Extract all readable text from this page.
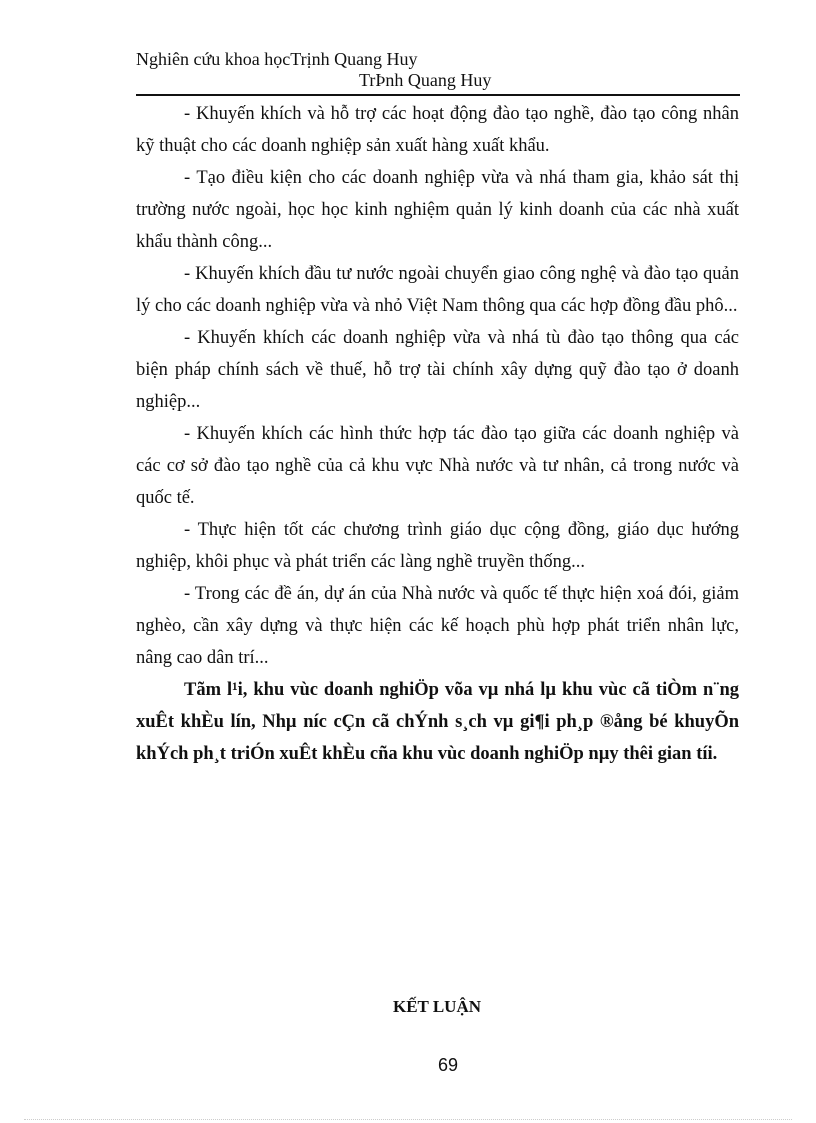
Nghiên cứu khoa họcTrịnh Quang Huy
TrÞnh Quang Huy

- Khuyến khích và hỗ trợ các hoạt động đào tạo nghề, đào tạo công nhân kỹ thuật cho các doanh nghiệp sản xuất hàng xuất khẩu.

- Tạo điều kiện cho các doanh nghiệp vừa và nhá tham gia, khảo sát thị trường nước ngoài, học học kinh nghiệm quản lý kinh doanh của các nhà xuất khẩu thành công...

- Khuyến khích đầu tư nước ngoài chuyển giao công nghệ và đào tạo quản lý cho các doanh nghiệp vừa và nhỏ Việt Nam thông qua các hợp đồng đầu phô...

- Khuyến khích các doanh nghiệp vừa và nhá tù đào tạo thông qua các biện pháp chính sách về thuế, hỗ trợ tài chính xây dựng quỹ đào tạo ở doanh nghiệp...

- Khuyến khích các hình thức hợp tác đào tạo giữa các doanh nghiệp và các cơ sở đào tạo nghề của cả khu vực Nhà nước và tư nhân, cả trong nước và quốc tế.

- Thực hiện tốt các chương trình giáo dục cộng đồng, giáo dục hướng nghiệp, khôi phục và phát triển các làng nghề truyền thống...

- Trong các đề án, dự án của Nhà nước và quốc tế thực hiện xoá đói, giảm nghèo, cần xây dựng và thực hiện các kế hoạch phù hợp phát triển nhân lực, nâng cao dân trí...

Tãm l¹i, khu vùc doanh nghiÖp võa vµ nhá lµ khu vùc cã tiÒm n¨ng xuÊt khÈu lín, Nhµ níc cÇn cã chÝnh s¸ch vµ gi¶i ph¸p ®ång bé khuyÕn khÝch ph¸t triÓn xuÊt khÈu cña khu vùc doanh nghiÖp nµy thêi gian tíi.

KẾT LUẬN
69
